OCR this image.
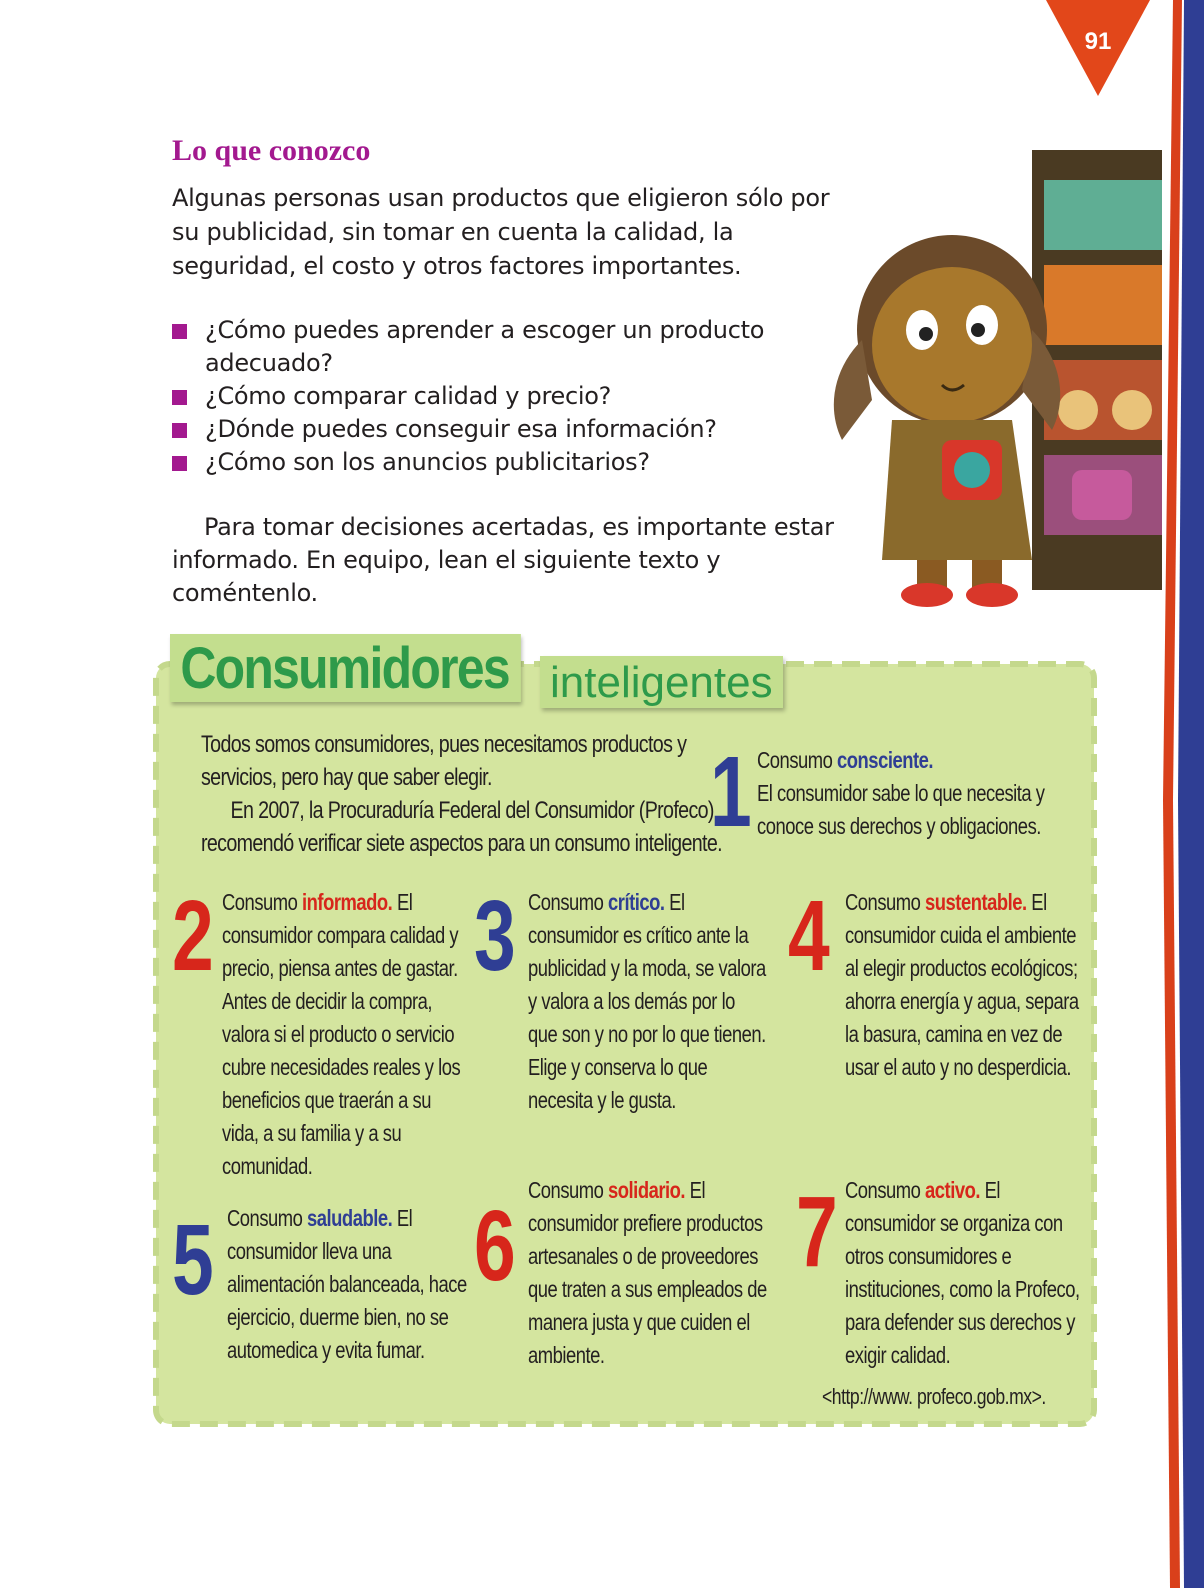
91
Lo que conozco
Algunas personas usan productos que eligieron sólo por su publicidad, sin tomar en cuenta la calidad, la seguridad, el costo y otros factores importantes.
¿Cómo puedes aprender a escoger un producto adecuado?
¿Cómo comparar calidad y precio?
¿Dónde puedes conseguir esa información?
¿Cómo son los anuncios publicitarios?
Para tomar decisiones acertadas, es importante estar informado. En equipo, lean el siguiente texto y coméntenlo.
Consumidores inteligentes
Todos somos consumidores, pues necesitamos productos y servicios, pero hay que saber elegir.
En 2007, la Procuraduría Federal del Consumidor (Profeco) recomendó verificar siete aspectos para un consumo inteligente.
1 Consumo consciente.
El consumidor sabe lo que necesita y conoce sus derechos y obligaciones.
2 Consumo informado. El consumidor compara calidad y precio, piensa antes de gastar. Antes de decidir la compra, valora si el producto o servicio cubre necesidades reales y los beneficios que traerán a su vida, a su familia y a su comunidad.
3 Consumo crítico. El consumidor es crítico ante la publicidad y la moda, se valora y valora a los demás por lo que son y no por lo que tienen. Elige y conserva lo que necesita y le gusta.
4 Consumo sustentable. El consumidor cuida el ambiente al elegir productos ecológicos; ahorra energía y agua, separa la basura, camina en vez de usar el auto y no desperdicia.
5 Consumo saludable. El consumidor lleva una alimentación balanceada, hace ejercicio, duerme bien, no se automedica y evita fumar.
6 Consumo solidario. El consumidor prefiere productos artesanales o de proveedores que traten a sus empleados de manera justa y que cuiden el ambiente.
7 Consumo activo. El consumidor se organiza con otros consumidores e instituciones, como la Profeco, para defender sus derechos y exigir calidad.
<http://www. profeco.gob.mx>.
